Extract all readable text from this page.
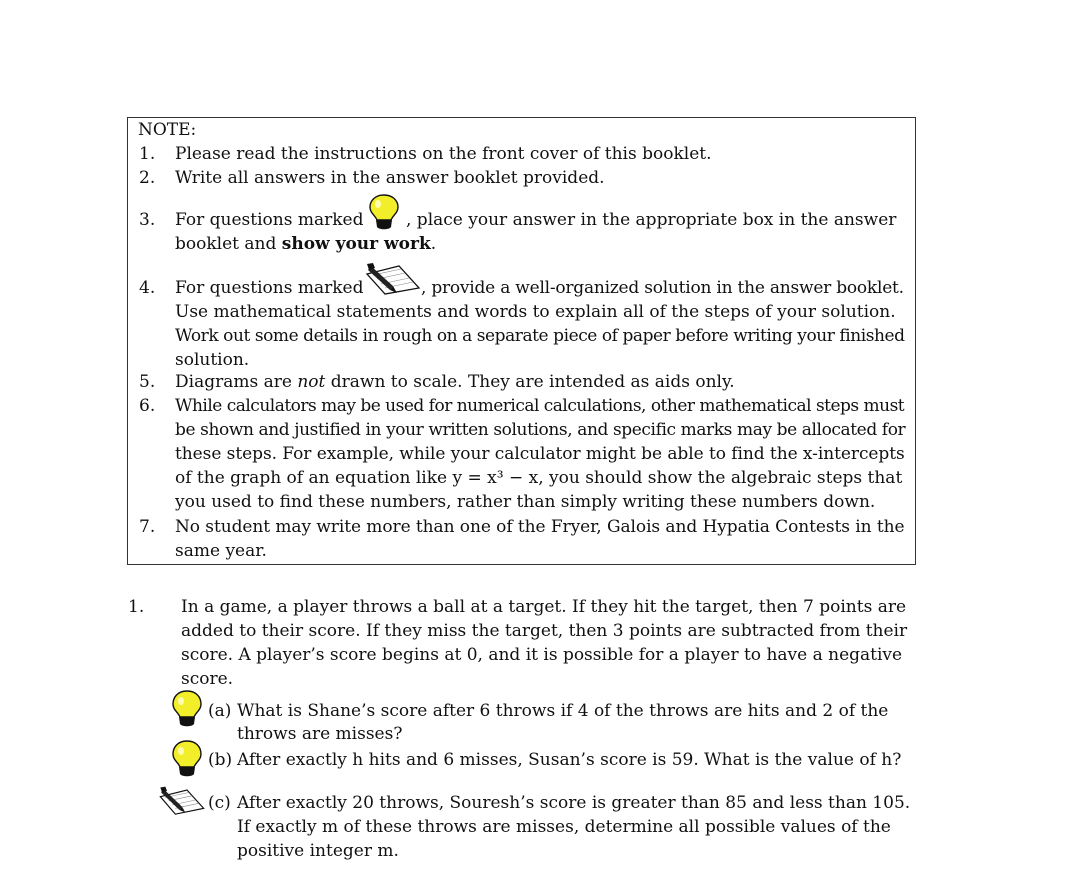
NOTE:
1. Please read the instructions on the front cover of this booklet.
2. Write all answers in the answer booklet provided.
3. For questions marked	, place your answer in the appropriate box in the answer
booklet and show your work.
4. For questions marked	, provide a well-organized solution in the answer booklet.
Use mathematical statements and words to explain all of the steps of your solution.
Work out some details in rough on a separate piece of paper before writing your finished
solution.
5. Diagrams are not drawn to scale. They are intended as aids only.
6. While calculators may be used for numerical calculations, other mathematical steps must
be shown and justified in your written solutions, and specific marks may be allocated for
these steps. For example, while your calculator might be able to find the x-intercepts
of the graph of an equation like y = x³ − x, you should show the algebraic steps that
you used to find these numbers, rather than simply writing these numbers down.
7. No student may write more than one of the Fryer, Galois and Hypatia Contests in the
same year.
1. In a game, a player throws a ball at a target. If they hit the target, then 7 points are
added to their score. If they miss the target, then 3 points are subtracted from their
score. A player’s score begins at 0, and it is possible for a player to have a negative
score.
(a) What is Shane’s score after 6 throws if 4 of the throws are hits and 2 of the
throws are misses?
(b) After exactly h hits and 6 misses, Susan’s score is 59. What is the value of h?
(c) After exactly 20 throws, Souresh’s score is greater than 85 and less than 105.
If exactly m of these throws are misses, determine all possible values of the
positive integer m.
